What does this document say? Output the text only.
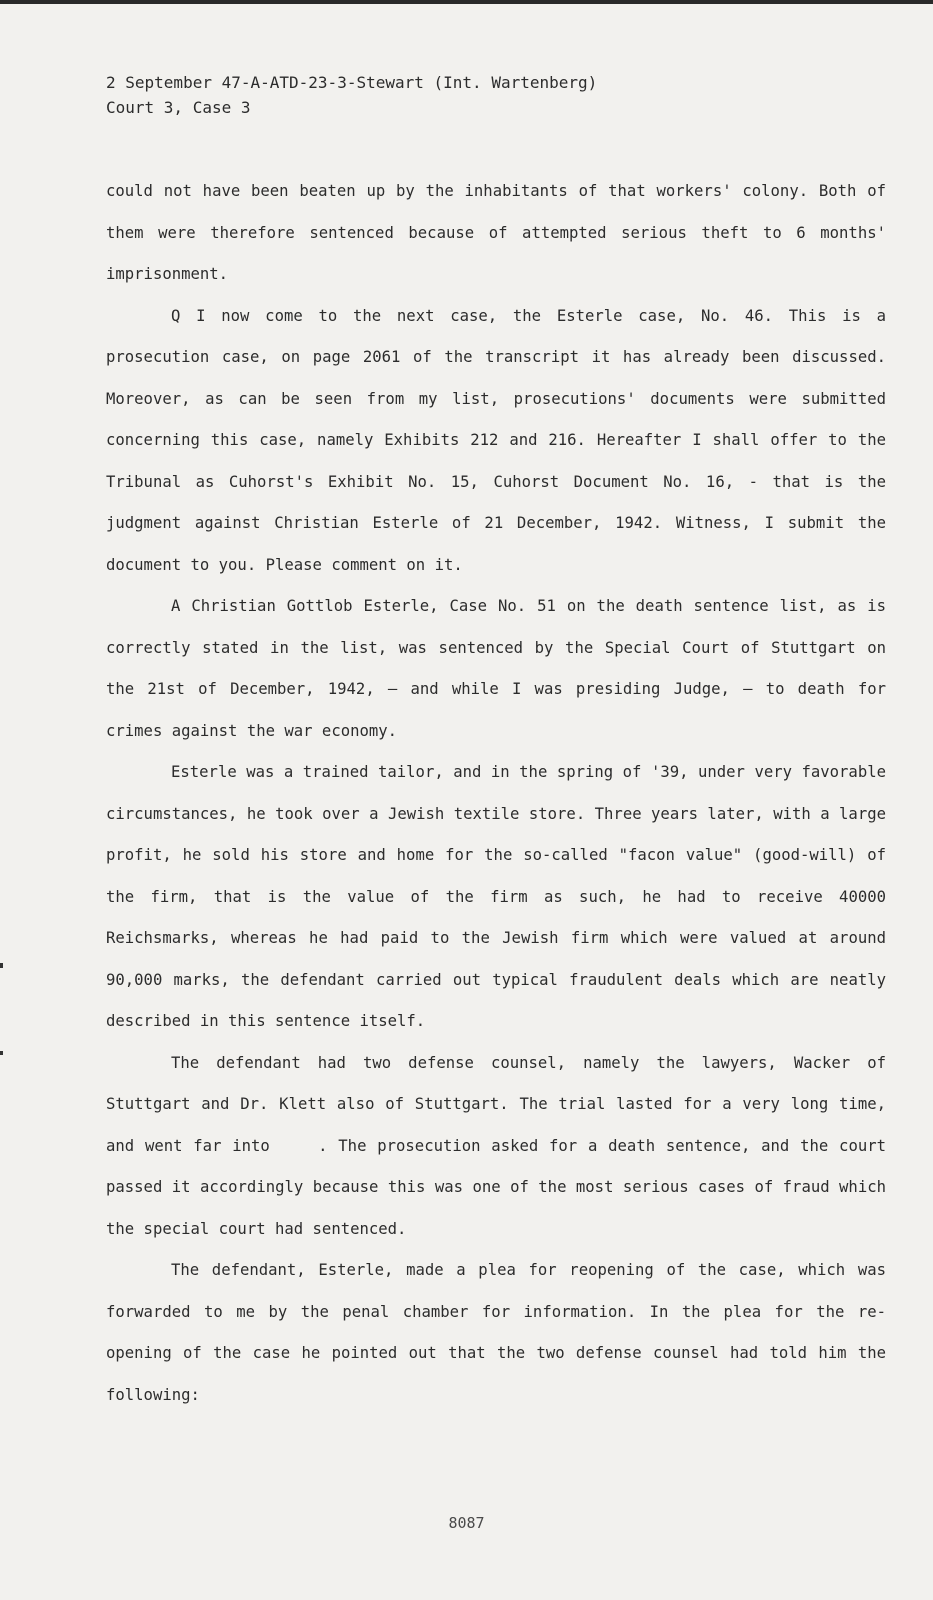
2 September 47-A-ATD-23-3-Stewart (Int. Wartenberg)
Court 3, Case 3

could not have been beaten up by the inhabitants of that workers' colony. Both of them were therefore sentenced because of attempted serious theft to 6 months' imprisonment.

Q I now come to the next case, the Esterle case, No. 46. This is a prosecution case, on page 2061 of the transcript it has already been discussed. Moreover, as can be seen from my list, prosecutions' documents were submitted concerning this case, namely Exhibits 212 and 216. Hereafter I shall offer to the Tribunal as Cuhorst's Exhibit No. 15, Cuhorst Document No. 16, - that is the judgment against Christian Esterle of 21 December, 1942. Witness, I submit the document to you. Please comment on it.

A Christian Gottlob Esterle, Case No. 51 on the death sentence list, as is correctly stated in the list, was sentenced by the Special Court of Stuttgart on the 21st of December, 1942, — and while I was presiding Judge, — to death for crimes against the war economy.

Esterle was a trained tailor, and in the spring of '39, under very favorable circumstances, he took over a Jewish textile store. Three years later, with a large profit, he sold his store and home for the so-called "facon value" (good-will) of the firm, that is the value of the firm as such, he had to receive 40000 Reichsmarks, whereas he had paid to the Jewish firm which were valued at around 90,000 marks, the defendant carried out typical fraudulent deals which are neatly described in this sentence itself.

The defendant had two defense counsel, namely the lawyers, Wacker of Stuttgart and Dr. Klett also of Stuttgart. The trial lasted for a very long time, and went far into     . The prosecution asked for a death sentence, and the court passed it accordingly because this was one of the most serious cases of fraud which the special court had sentenced.

The defendant, Esterle, made a plea for reopening of the case, which was forwarded to me by the penal chamber for information. In the plea for the re-opening of the case he pointed out that the two defense counsel had told him the following:

8087
